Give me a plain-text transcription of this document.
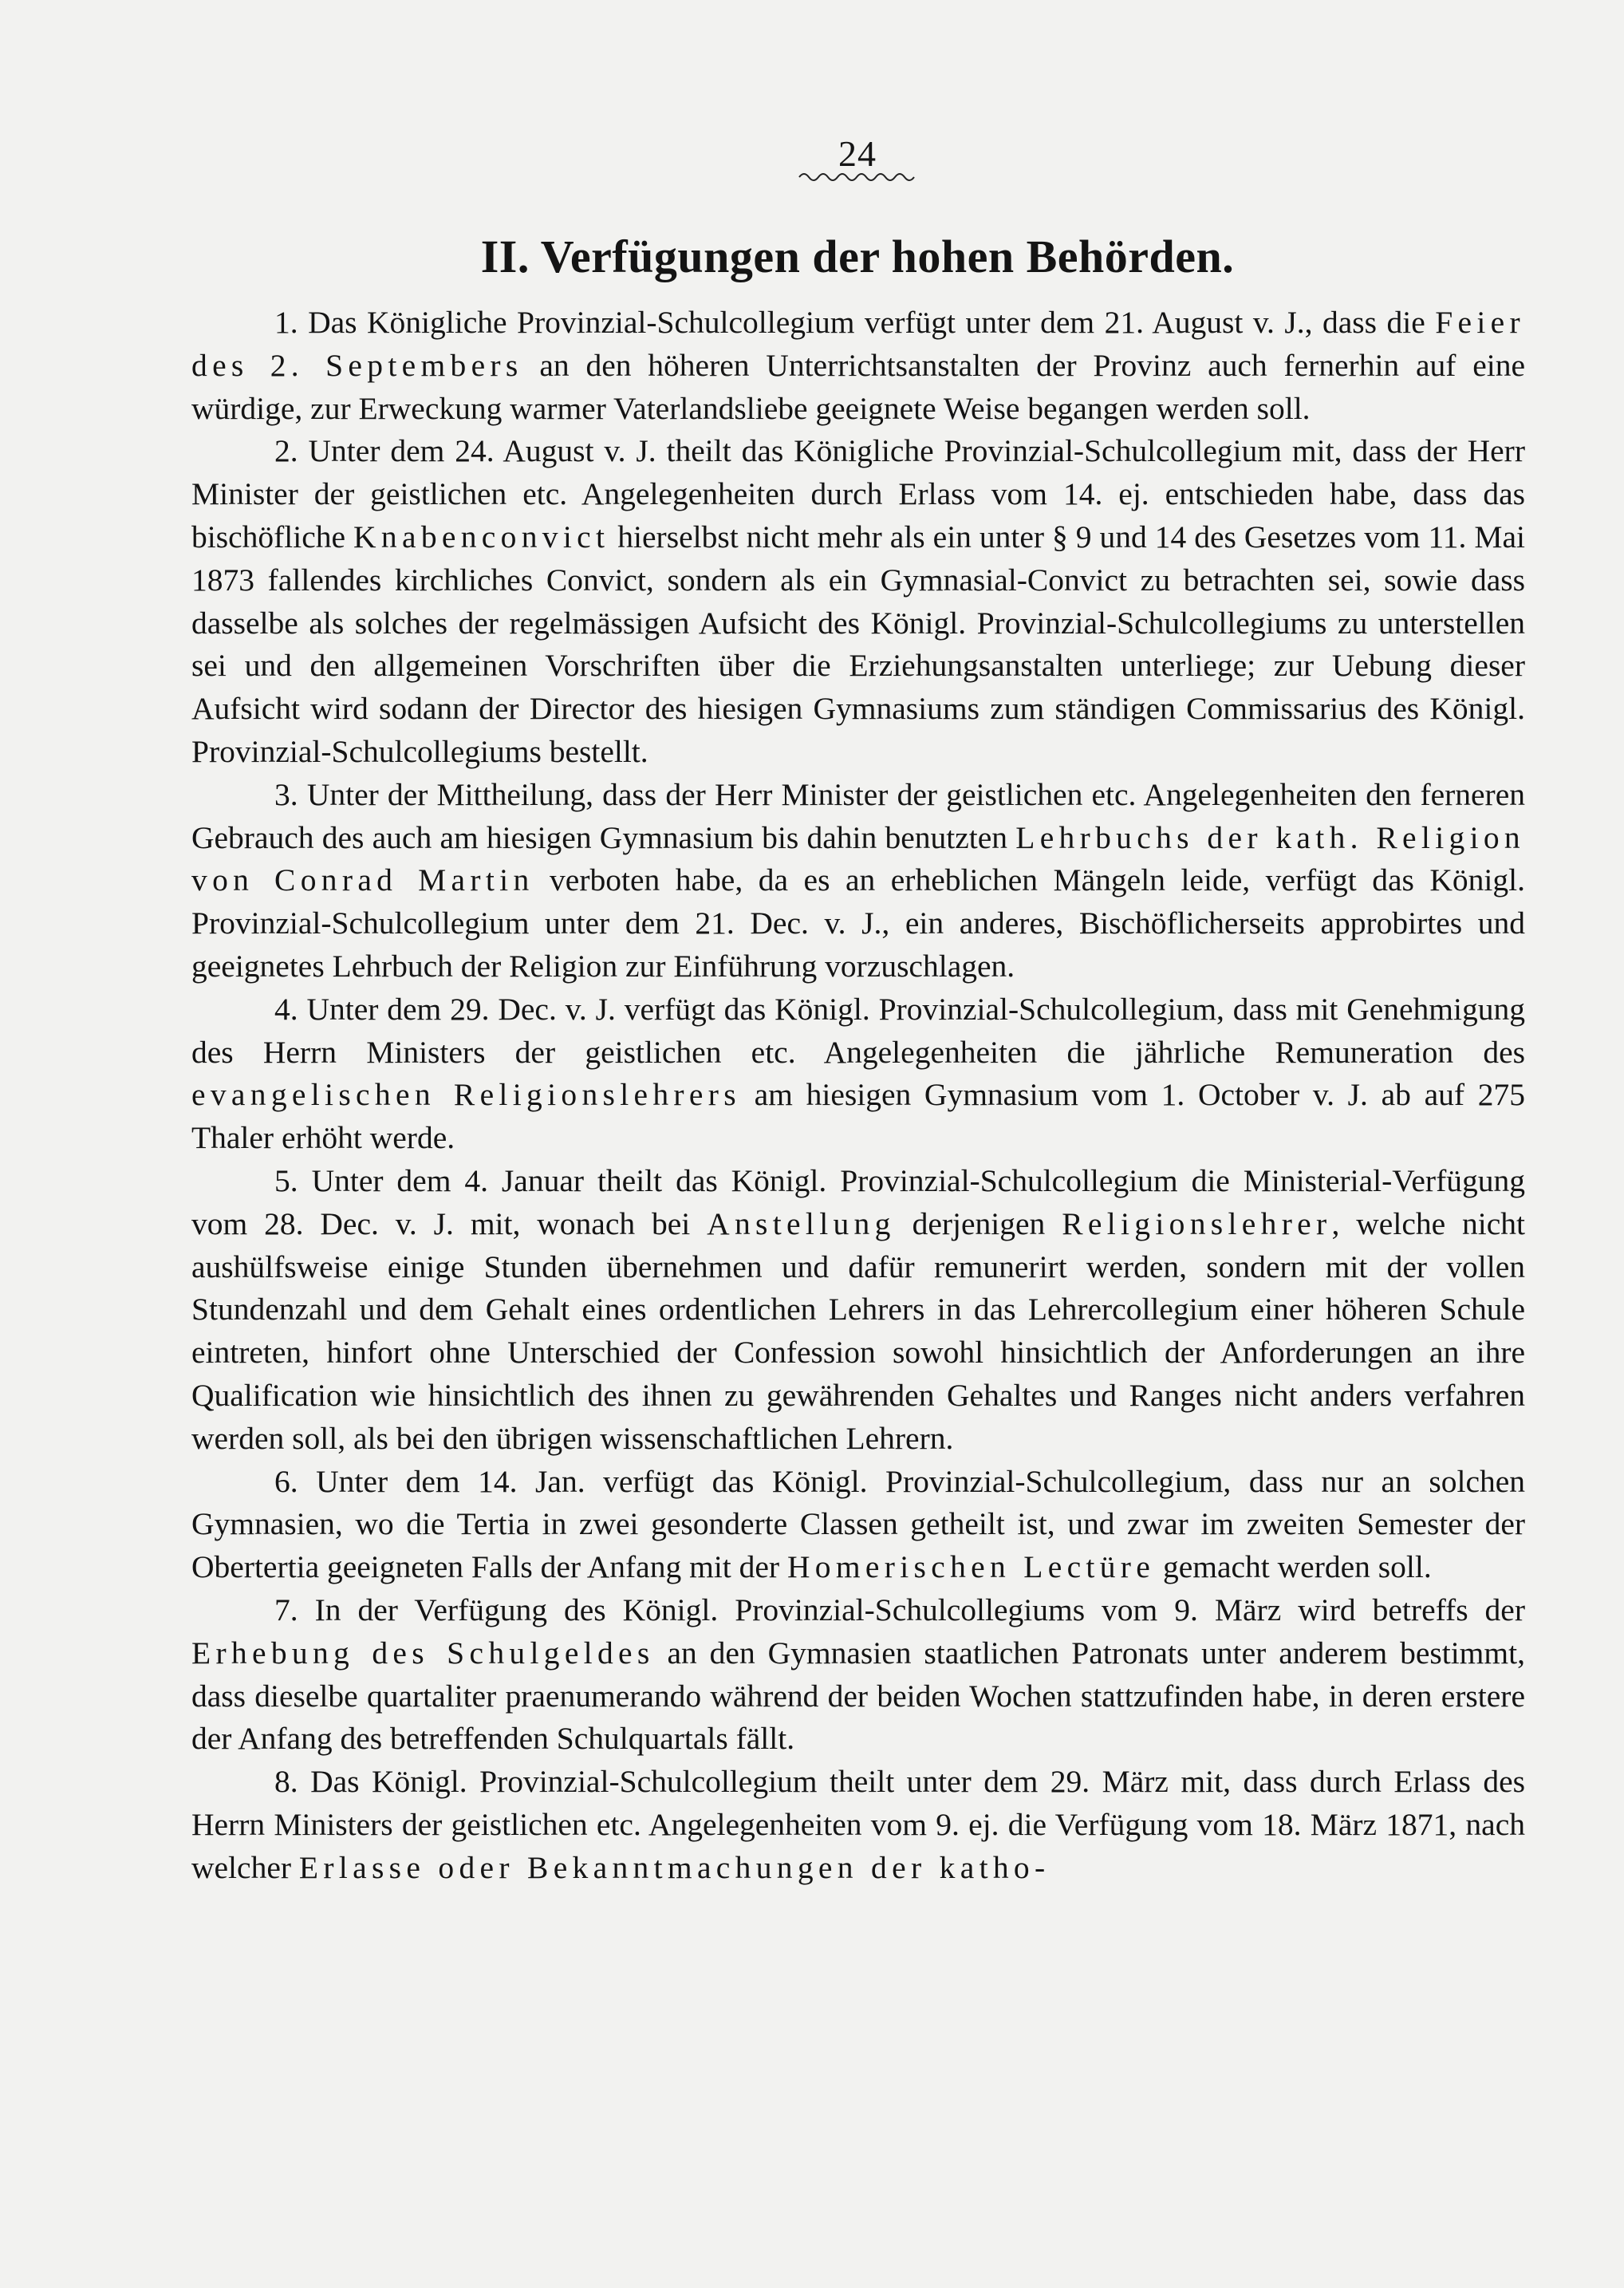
24
II. Verfügungen der hohen Behörden.

1. Das Königliche Provinzial-Schulcollegium verfügt unter dem 21. August v. J., dass die Feier des 2. Septembers an den höheren Unterrichtsanstalten der Provinz auch fernerhin auf eine würdige, zur Erweckung warmer Vaterlandsliebe geeignete Weise begangen werden soll.

2. Unter dem 24. August v. J. theilt das Königliche Provinzial-Schulcollegium mit, dass der Herr Minister der geistlichen etc. Angelegenheiten durch Erlass vom 14. ej. entschieden habe, dass das bischöfliche Knabenconvict hierselbst nicht mehr als ein unter § 9 und 14 des Gesetzes vom 11. Mai 1873 fallendes kirchliches Convict, sondern als ein Gymnasial-Convict zu betrachten sei, sowie dass dasselbe als solches der regelmässigen Aufsicht des Königl. Provinzial-Schulcollegiums zu unterstellen sei und den allgemeinen Vorschriften über die Erziehungsanstalten unterliege; zur Uebung dieser Aufsicht wird sodann der Director des hiesigen Gymnasiums zum ständigen Commissarius des Königl. Provinzial-Schulcollegiums bestellt.

3. Unter der Mittheilung, dass der Herr Minister der geistlichen etc. Angelegenheiten den ferneren Gebrauch des auch am hiesigen Gymnasium bis dahin benutzten Lehrbuchs der kath. Religion von Conrad Martin verboten habe, da es an erheblichen Mängeln leide, verfügt das Königl. Provinzial-Schulcollegium unter dem 21. Dec. v. J., ein anderes, Bischöflicherseits approbirtes und geeignetes Lehrbuch der Religion zur Einführung vorzuschlagen.

4. Unter dem 29. Dec. v. J. verfügt das Königl. Provinzial-Schulcollegium, dass mit Genehmigung des Herrn Ministers der geistlichen etc. Angelegenheiten die jährliche Remuneration des evangelischen Religionslehrers am hiesigen Gymnasium vom 1. October v. J. ab auf 275 Thaler erhöht werde.

5. Unter dem 4. Januar theilt das Königl. Provinzial-Schulcollegium die Ministerial-Verfügung vom 28. Dec. v. J. mit, wonach bei Anstellung derjenigen Religionslehrer, welche nicht aushülfsweise einige Stunden übernehmen und dafür remunerirt werden, sondern mit der vollen Stundenzahl und dem Gehalt eines ordentlichen Lehrers in das Lehrercollegium einer höheren Schule eintreten, hinfort ohne Unterschied der Confession sowohl hinsichtlich der Anforderungen an ihre Qualification wie hinsichtlich des ihnen zu gewährenden Gehaltes und Ranges nicht anders verfahren werden soll, als bei den übrigen wissenschaftlichen Lehrern.

6. Unter dem 14. Jan. verfügt das Königl. Provinzial-Schulcollegium, dass nur an solchen Gymnasien, wo die Tertia in zwei gesonderte Classen getheilt ist, und zwar im zweiten Semester der Obertertia geeigneten Falls der Anfang mit der Homerischen Lectüre gemacht werden soll.

7. In der Verfügung des Königl. Provinzial-Schulcollegiums vom 9. März wird betreffs der Erhebung des Schulgeldes an den Gymnasien staatlichen Patronats unter anderem bestimmt, dass dieselbe quartaliter praenumerando während der beiden Wochen stattzufinden habe, in deren erstere der Anfang des betreffenden Schulquartals fällt.

8. Das Königl. Provinzial-Schulcollegium theilt unter dem 29. März mit, dass durch Erlass des Herrn Ministers der geistlichen etc. Angelegenheiten vom 9. ej. die Verfügung vom 18. März 1871, nach welcher Erlasse oder Bekanntmachungen der katho-
